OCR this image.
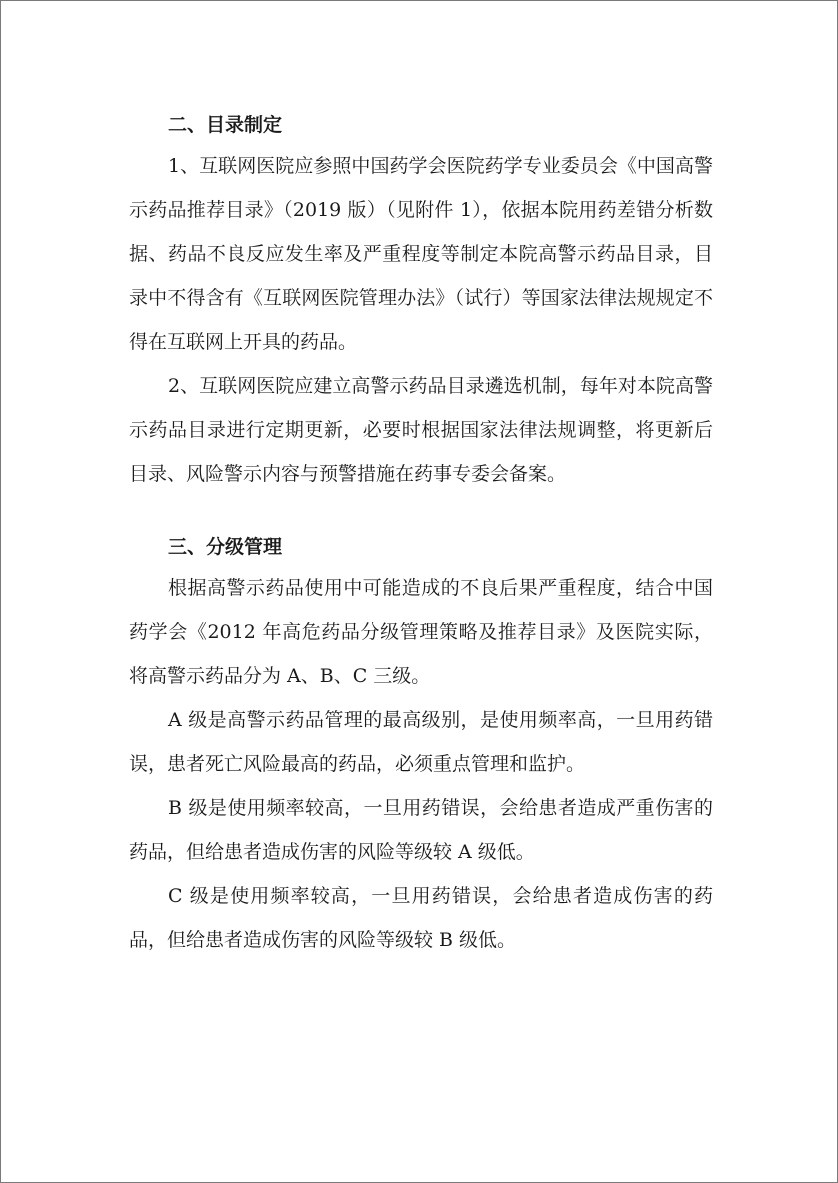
二、目录制定

1、互联网医院应参照中国药学会医院药学专业委员会《中国高警示药品推荐目录》（2019 版）（见附件 1），依据本院用药差错分析数据、药品不良反应发生率及严重程度等制定本院高警示药品目录，目录中不得含有《互联网医院管理办法》（试行）等国家法律法规规定不得在互联网上开具的药品。

2、互联网医院应建立高警示药品目录遴选机制，每年对本院高警示药品目录进行定期更新，必要时根据国家法律法规调整，将更新后目录、风险警示内容与预警措施在药事专委会备案。

三、分级管理

根据高警示药品使用中可能造成的不良后果严重程度，结合中国药学会《2012 年高危药品分级管理策略及推荐目录》及医院实际，将高警示药品分为 A、B、C 三级。

A 级是高警示药品管理的最高级别，是使用频率高，一旦用药错误，患者死亡风险最高的药品，必须重点管理和监护。

B 级是使用频率较高，一旦用药错误，会给患者造成严重伤害的药品，但给患者造成伤害的风险等级较 A 级低。

C 级是使用频率较高，一旦用药错误，会给患者造成伤害的药品，但给患者造成伤害的风险等级较 B 级低。
